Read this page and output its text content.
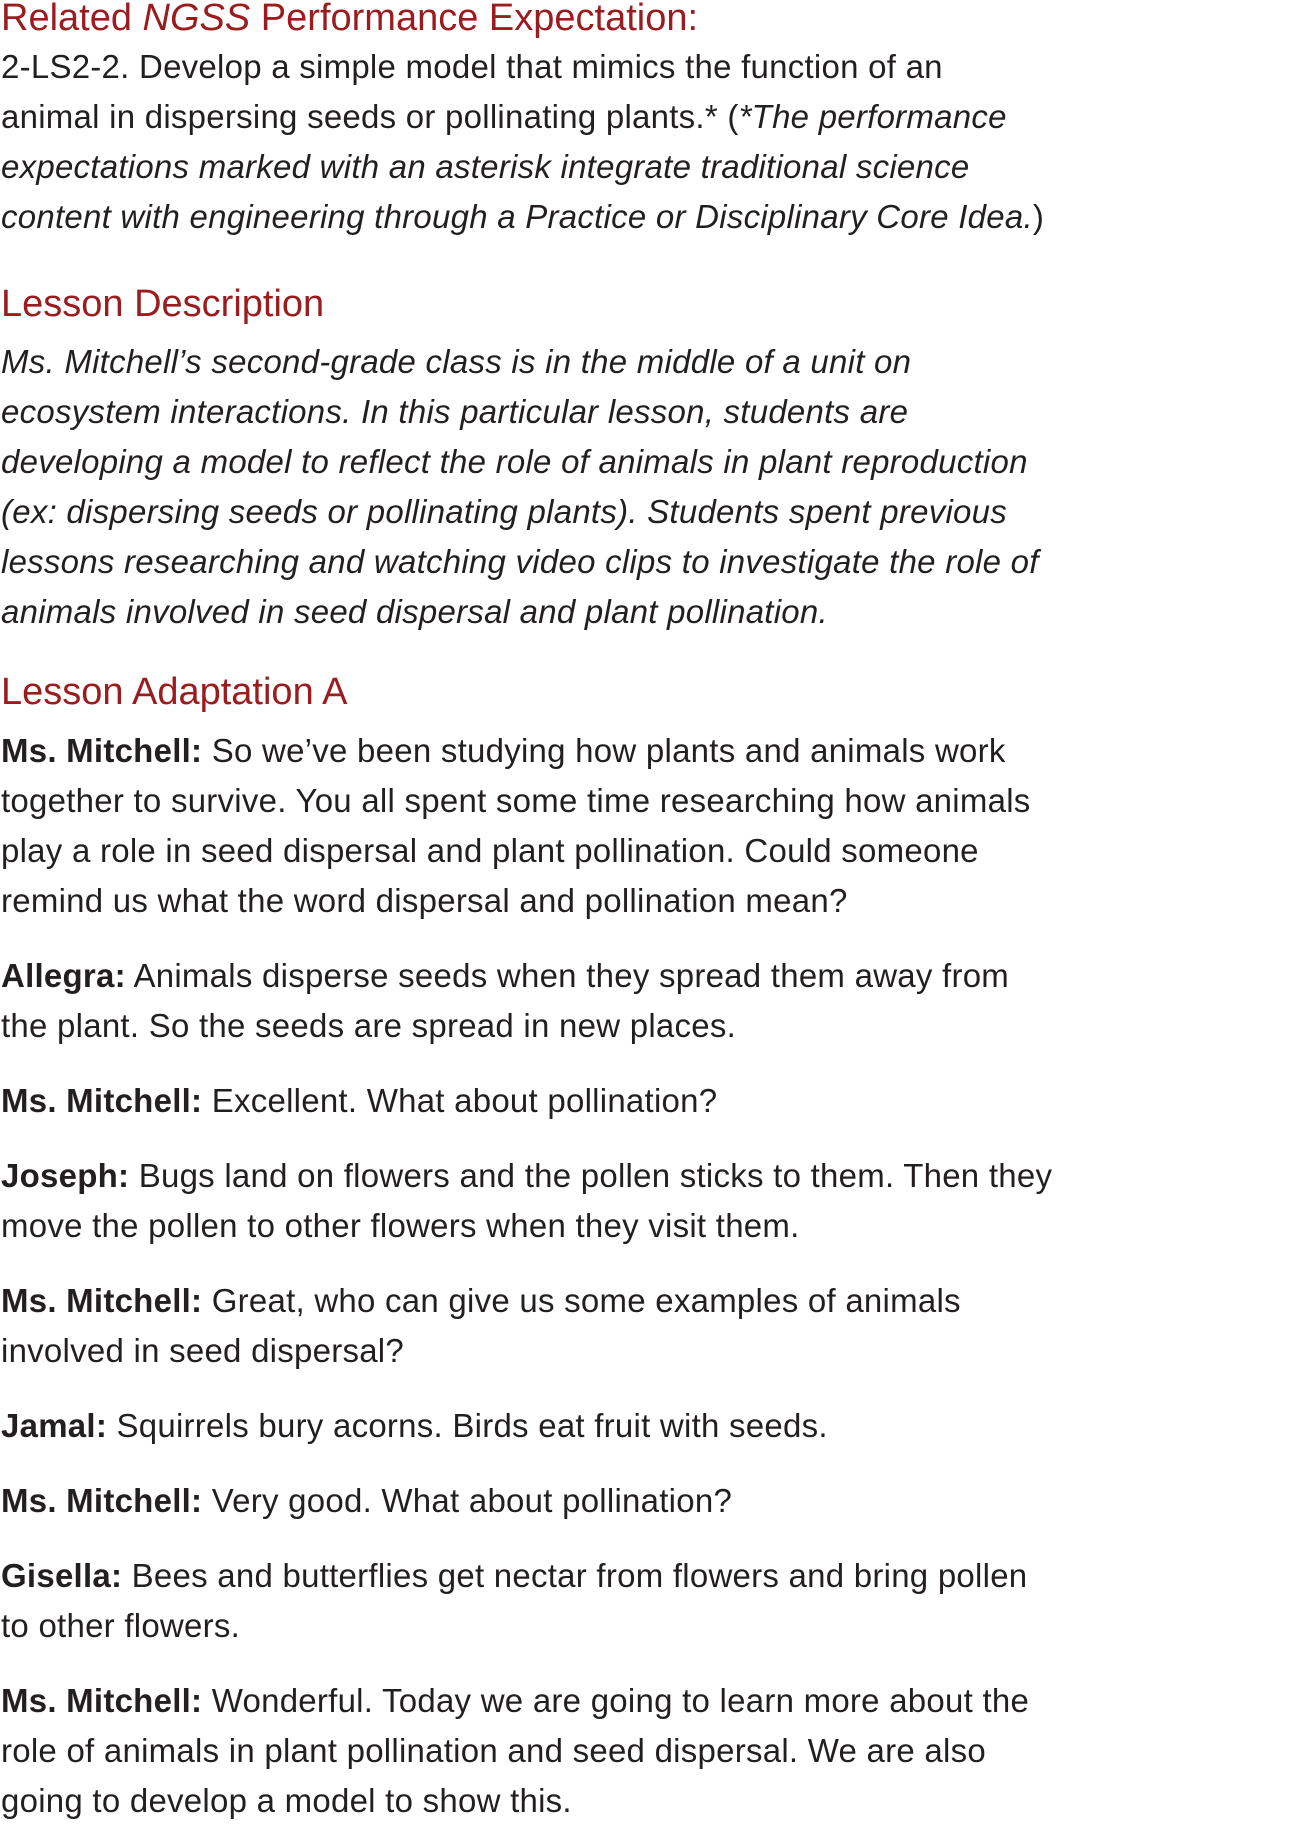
Related NGSS Performance Expectation:
2-LS2-2. Develop a simple model that mimics the function of an
animal in dispersing seeds or pollinating plants.* (*The performance
expectations marked with an asterisk integrate traditional science
content with engineering through a Practice or Disciplinary Core Idea.)
Lesson Description
Ms. Mitchell’s second-grade class is in the middle of a unit on
ecosystem interactions. In this particular lesson, students are
developing a model to reflect the role of animals in plant reproduction
(ex: dispersing seeds or pollinating plants). Students spent previous
lessons researching and watching video clips to investigate the role of
animals involved in seed dispersal and plant pollination.
Lesson Adaptation A
Ms. Mitchell: So we’ve been studying how plants and animals work
together to survive. You all spent some time researching how animals
play a role in seed dispersal and plant pollination. Could someone
remind us what the word dispersal and pollination mean?
Allegra: Animals disperse seeds when they spread them away from
the plant. So the seeds are spread in new places.
Ms. Mitchell: Excellent. What about pollination?
Joseph: Bugs land on flowers and the pollen sticks to them. Then they
move the pollen to other flowers when they visit them.
Ms. Mitchell: Great, who can give us some examples of animals
involved in seed dispersal?
Jamal: Squirrels bury acorns. Birds eat fruit with seeds.
Ms. Mitchell: Very good. What about pollination?
Gisella: Bees and butterflies get nectar from flowers and bring pollen
to other flowers.
Ms. Mitchell: Wonderful. Today we are going to learn more about the
role of animals in plant pollination and seed dispersal. We are also
going to develop a model to show this.
